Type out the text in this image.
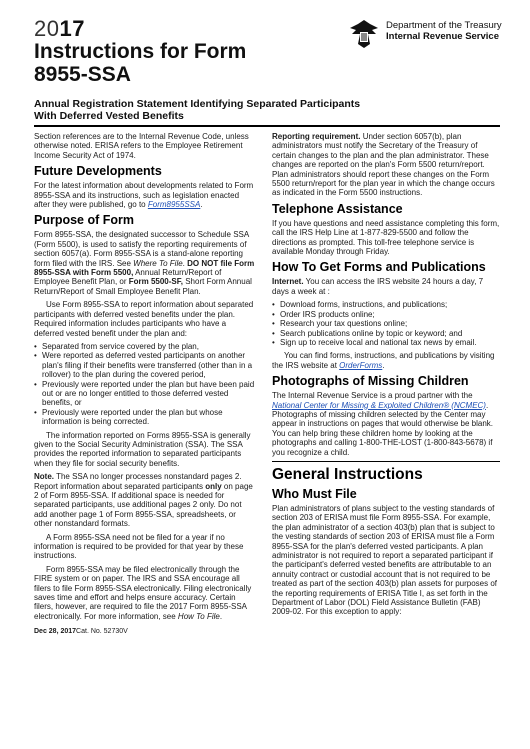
2017
Instructions for Form
8955-SSA
Annual Registration Statement Identifying Separated Participants With Deferred Vested Benefits
Department of the Treasury
Internal Revenue Service

Section references are to the Internal Revenue Code, unless otherwise noted. ERISA refers to the Employee Retirement Income Security Act of 1974.

Future Developments

For the latest information about developments related to Form 8955-SSA and its instructions, such as legislation enacted after they were published, go to Form8955SSA.

Purpose of Form

Form 8955-SSA, the designated successor to Schedule SSA (Form 5500), is used to satisfy the reporting requirements of section 6057(a). Form 8955-SSA is a stand-alone reporting form filed with the IRS. See Where To File. DO NOT file Form 8955-SSA with Form 5500, Annual Return/Report of Employee Benefit Plan, or Form 5500-SF, Short Form Annual Return/Report of Small Employee Benefit Plan.

Use Form 8955-SSA to report information about separated participants with deferred vested benefits under the plan. Required information includes participants who have a deferred vested benefit under the plan and:

• Separated from service covered by the plan,
• Were reported as deferred vested participants on another plan's filing if their benefits were transferred (other than in a rollover) to the plan during the covered period,
• Previously were reported under the plan but have been paid out or are no longer entitled to those deferred vested benefits, or
• Previously were reported under the plan but whose information is being corrected.

The information reported on Forms 8955-SSA is generally given to the Social Security Administration (SSA). The SSA provides the reported information to separated participants when they file for social security benefits.

Note. The SSA no longer processes nonstandard pages 2. Report information about separated participants only on page 2 of Form 8955-SSA. If additional space is needed for separated participants, use additional pages 2 only. Do not add another page 1 of Form 8955-SSA, spreadsheets, or other nonstandard formats.

A Form 8955-SSA need not be filed for a year if no information is required to be provided for that year by these instructions.

Form 8955-SSA may be filed electronically through the FIRE system or on paper. The IRS and SSA encourage all filers to file Form 8955-SSA electronically. Filing electronically saves time and effort and helps ensure accuracy. Certain filers, however, are required to file the 2017 Form 8955-SSA electronically. For more information, see How To File.

Dec 28, 2017Cat. No. 52730V

Reporting requirement. Under section 6057(b), plan administrators must notify the Secretary of the Treasury of certain changes to the plan and the plan administrator. These changes are reported on the plan's Form 5500 return/report. Plan administrators should report these changes on the Form 5500 return/report for the plan year in which the change occurs as indicated in the Form 5500 instructions.

Telephone Assistance

If you have questions and need assistance completing this form, call the IRS Help Line at 1-877-829-5500 and follow the directions as prompted. This toll-free telephone service is available Monday through Friday.

How To Get Forms and Publications

Internet. You can access the IRS website 24 hours a day, 7 days a week at :

• Download forms, instructions, and publications;
• Order IRS products online;
• Research your tax questions online;
• Search publications online by topic or keyword; and
• Sign up to receive local and national tax news by email.

You can find forms, instructions, and publications by visiting the IRS website at OrderForms.

Photographs of Missing Children

The Internal Revenue Service is a proud partner with the National Center for Missing & Exploited Children® (NCMEC). Photographs of missing children selected by the Center may appear in instructions on pages that would otherwise be blank. You can help bring these children home by looking at the photographs and calling 1-800-THE-LOST (1-800-843-5678) if you recognize a child.

General Instructions
Who Must File

Plan administrators of plans subject to the vesting standards of section 203 of ERISA must file Form 8955-SSA. For example, the plan administrator of a section 403(b) plan that is subject to the vesting standards of section 203 of ERISA must file a Form 8955-SSA for the plan's deferred vested participants. A plan administrator is not required to report a separated participant if the participant's deferred vested benefits are attributable to an annuity contract or custodial account that is not required to be treated as part of the section 403(b) plan assets for purposes of the reporting requirements of ERISA Title I, as set forth in the Department of Labor (DOL) Field Assistance Bulletin (FAB) 2009-02. For this exception to apply:
